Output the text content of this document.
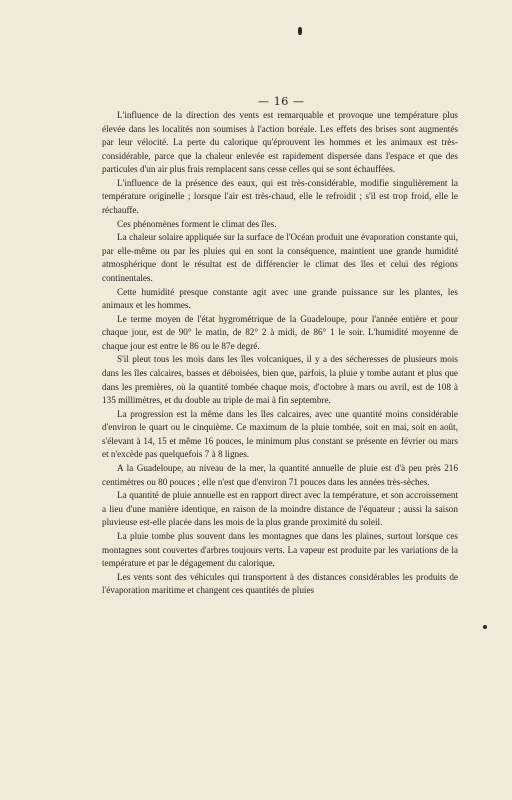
— 16 —

L'influence de la direction des vents est remarquable et provoque une température plus élevée dans les localités non soumises à l'action boréale. Les effets des brises sont augmentés par leur vélocité. La perte du calorique qu'éprouvent les hommes et les animaux est très-considérable, parce que la chaleur enlevée est rapidement dispersée dans l'espace et que des particules d'un air plus frais remplacent sans cesse celles qui se sont échauffées.

L'influence de la présence des eaux, qui est très-considérable, modifie singulièrement la température originelle ; lorsque l'air est très-chaud, elle le refroidit ; s'il est trop froid, elle le réchauffe.

Ces phénomènes forment le climat des îles.

La chaleur solaire appliquée sur la surface de l'Océan produit une évaporation constante qui, par elle-même ou par les pluies qui en sont la conséquence, maintient une grande humidité atmosphérique dont le résultat est de différencier le climat des îles et celui des régions continentales.

Cette humidité presque constante agit avec une grande puissance sur les plantes, les animaux et les hommes.

Le terme moyen de l'état hygrométrique de la Guadeloupe, pour l'année entière et pour chaque jour, est de 90° le matin, de 82° 2 à midi, de 86° 1 le soir. L'humidité moyenne de chaque jour est entre le 86 ou le 87e degré.

S'il pleut tous les mois dans les îles volcaniques, il y a des sécheresses de plusieurs mois dans les îles calcaires, basses et déboisées, bien que, parfois, la pluie y tombe autant et plus que dans les premières, où la quantité tombée chaque mois, d'octobre à mars ou avril, est de 108 à 135 millimètres, et du double au triple de mai à fin septembre.

La progression est la même dans les îles calcaires, avec une quantité moins considérable d'environ le quart ou le cinquième. Ce maximum de la pluie tombée, soit en mai, soit en août, s'élevant à 14, 15 et même 16 pouces, le minimum plus constant se présente en février ou mars et n'excède pas quelquefois 7 à 8 lignes.

A la Guadeloupe, au niveau de la mer, la quantité annuelle de pluie est d'à peu près 216 centimètres ou 80 pouces ; elle n'est que d'environ 71 pouces dans les années très-sèches.

La quantité de pluie annuelle est en rapport direct avec la température, et son accroissement a lieu d'une manière identique, en raison de la moindre distance de l'équateur ; aussi la saison pluvieuse est-elle placée dans les mois de la plus grande proximité du soleil.

La pluie tombe plus souvent dans les montagnes que dans les plaines, surtout lorsque ces montagnes sont couvertes d'arbres toujours verts. La vapeur est produite par les variations de la température et par le dégagement du calorique.

Les vents sont des véhicules qui transportent à des distances considérables les produits de l'évaporation maritime et changent ces quantités de pluies
